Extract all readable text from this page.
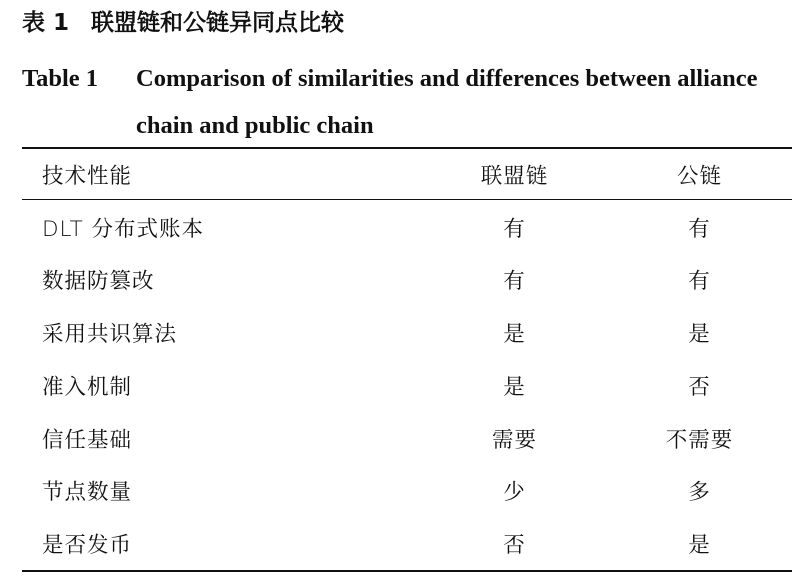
表 1 联盟链和公链异同点比较
Table 1 Comparison of similarities and differences between alliance chain and public chain
技术性能	联盟链	公链
DLT 分布式账本	有	有
数据防篡改	有	有
采用共识算法	是	是
准入机制	是	否
信任基础	需要	不需要
节点数量	少	多
是否发币	否	是
